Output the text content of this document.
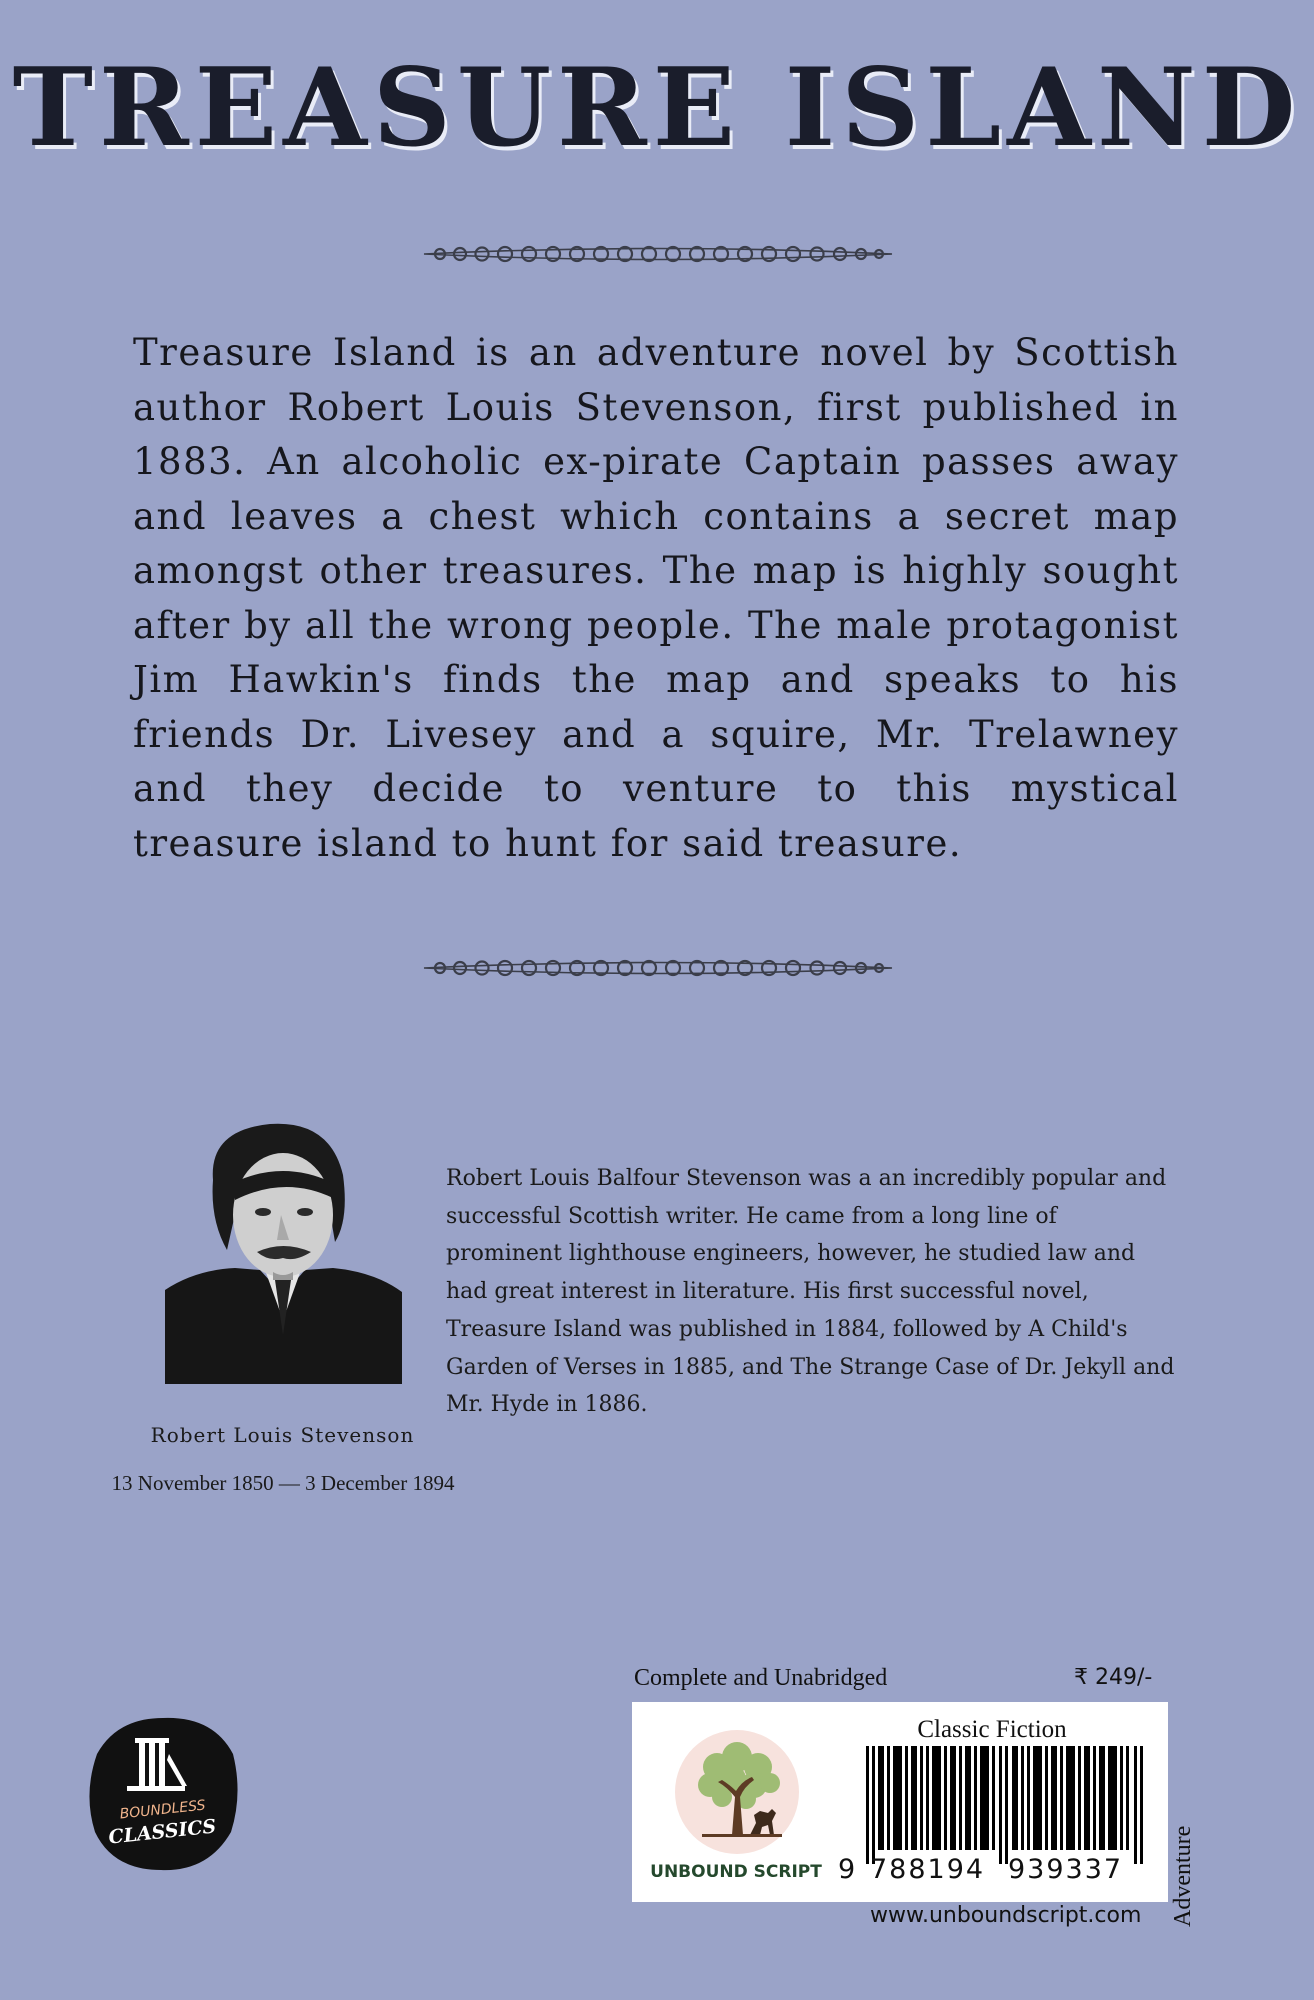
TREASURE ISLAND

Treasure Island is an adventure novel by Scottish author Robert Louis Stevenson, first published in 1883. An alcoholic ex-pirate Captain passes away and leaves a chest which contains a secret map amongst other treasures. The map is highly sought after by all the wrong people. The male protagonist Jim Hawkin's finds the map and speaks to his friends Dr. Livesey and a squire, Mr. Trelawney and they decide to venture to this mystical treasure island to hunt for said treasure.

Robert Louis Stevenson
13 November 1850 — 3 December 1894

Robert Louis Balfour Stevenson was a an incredibly popular and
successful Scottish writer. He came from a long line of
prominent lighthouse engineers, however, he studied law and
had great interest in literature. His first successful novel,
Treasure Island was published in 1884, followed by A Child's
Garden of Verses in 1885, and The Strange Case of Dr. Jekyll and
Mr. Hyde in 1886.

BOUNDLESS
CLASSICS
Complete and Unabridged	₹ 249/-
UNBOUND SCRIPT
Classic Fiction
9 788194 939337 Adventure
www.unboundscript.com
